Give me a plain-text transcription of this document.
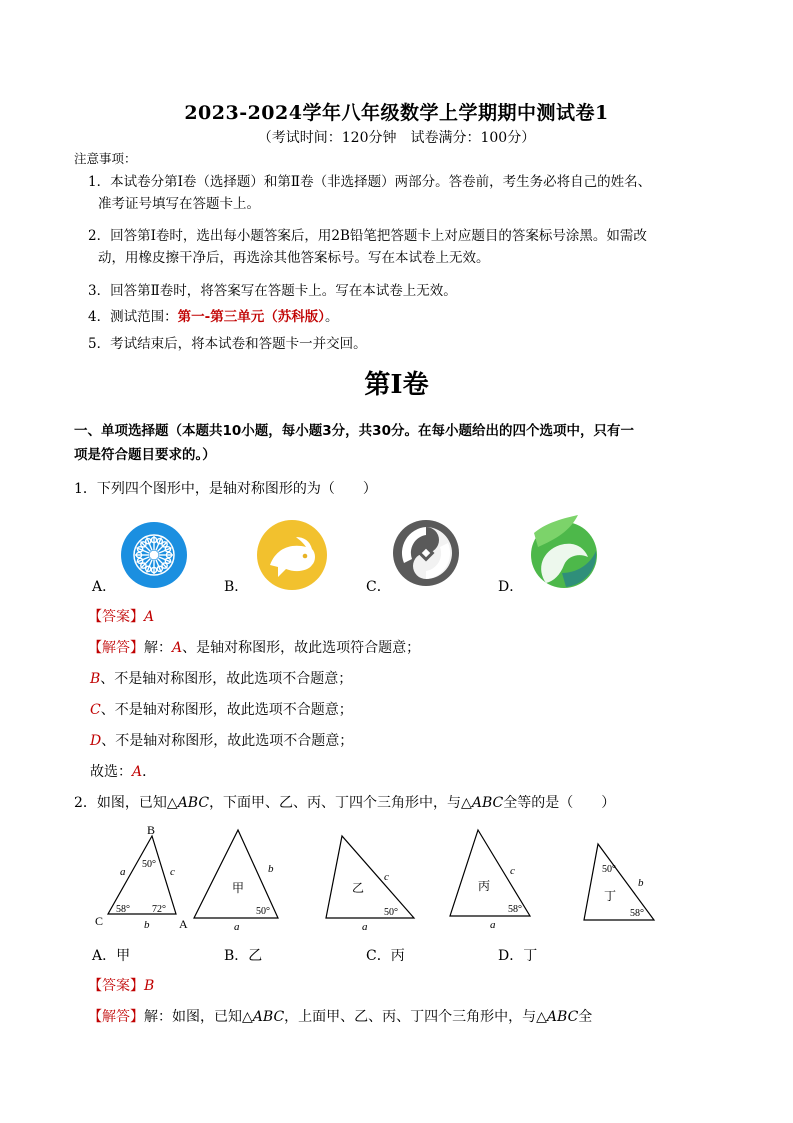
2023-2024学年八年级数学上学期期中测试卷1
（考试时间：120分钟　试卷满分：100分）
注意事项：
1．本试卷分第Ⅰ卷（选择题）和第Ⅱ卷（非选择题）两部分。答卷前，考生务必将自己的姓名、
准考证号填写在答题卡上。
2．回答第Ⅰ卷时，选出每小题答案后，用2B铅笔把答题卡上对应题目的答案标号涂黑。如需改
动，用橡皮擦干净后，再选涂其他答案标号。写在本试卷上无效。
3．回答第Ⅱ卷时，将答案写在答题卡上。写在本试卷上无效。
4．测试范围：第一-第三单元（苏科版）。
5．考试结束后，将本试卷和答题卡一并交回。
第Ⅰ卷
一、单项选择题（本题共10小题，每小题3分，共30分。在每小题给出的四个选项中，只有一
项是符合题目要求的。）
1．下列四个图形中，是轴对称图形的为（　　）
A．	B．	C．	D．
【答案】A
【解答】解：A、是轴对称图形，故此选项符合题意；
B、不是轴对称图形，故此选项不合题意；
C、不是轴对称图形，故此选项不合题意；
D、不是轴对称图形，故此选项不合题意；
故选：A．
2．如图，已知△ABC，下面甲、乙、丙、丁四个三角形中，与△ABC全等的是（　　）
B
C	A
a
b
c
50°
58° 72°
甲
b
a
50°
乙
c
a
50°
丙
c
a
58°
丁
b
50°
58°
A．甲	B．乙	C．丙	D．丁
【答案】B
【解答】解：如图，已知△ABC，上面甲、乙、丙、丁四个三角形中，与△ABC全
